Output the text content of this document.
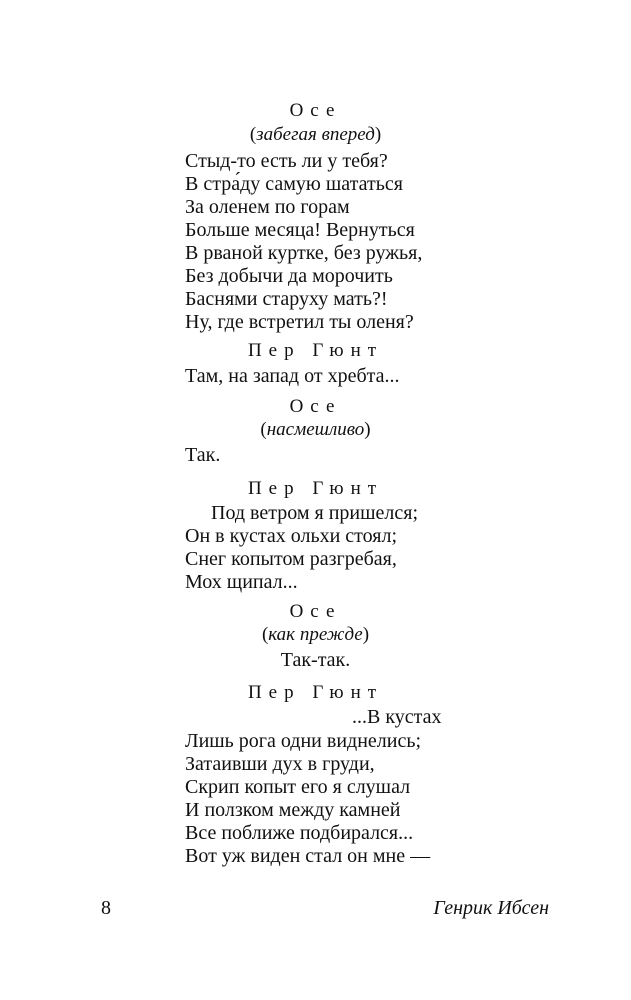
Осе
(забегая вперед)
Стыд-то есть ли у тебя?
В стра́ду самую шататься
За оленем по горам
Больше месяца! Вернуться
В рваной куртке, без ружья,
Без добычи да морочить
Баснями старуху мать?!
Ну, где встретил ты оленя?
Пер Гюнт
Там, на запад от хребта...
Осе
(насмешливо)
Так.
Пер Гюнт
Под ветром я пришелся;
Он в кустах ольхи стоял;
Снег копытом разгребая,
Мох щипал...
Осе
(как прежде)
Так-так.
Пер Гюнт
...В кустах
Лишь рога одни виднелись;
Затаивши дух в груди,
Скрип копыт его я слушал
И ползком между камней
Все поближе подбирался...
Вот уж виден стал он мне —
8	Генрик Ибсен
